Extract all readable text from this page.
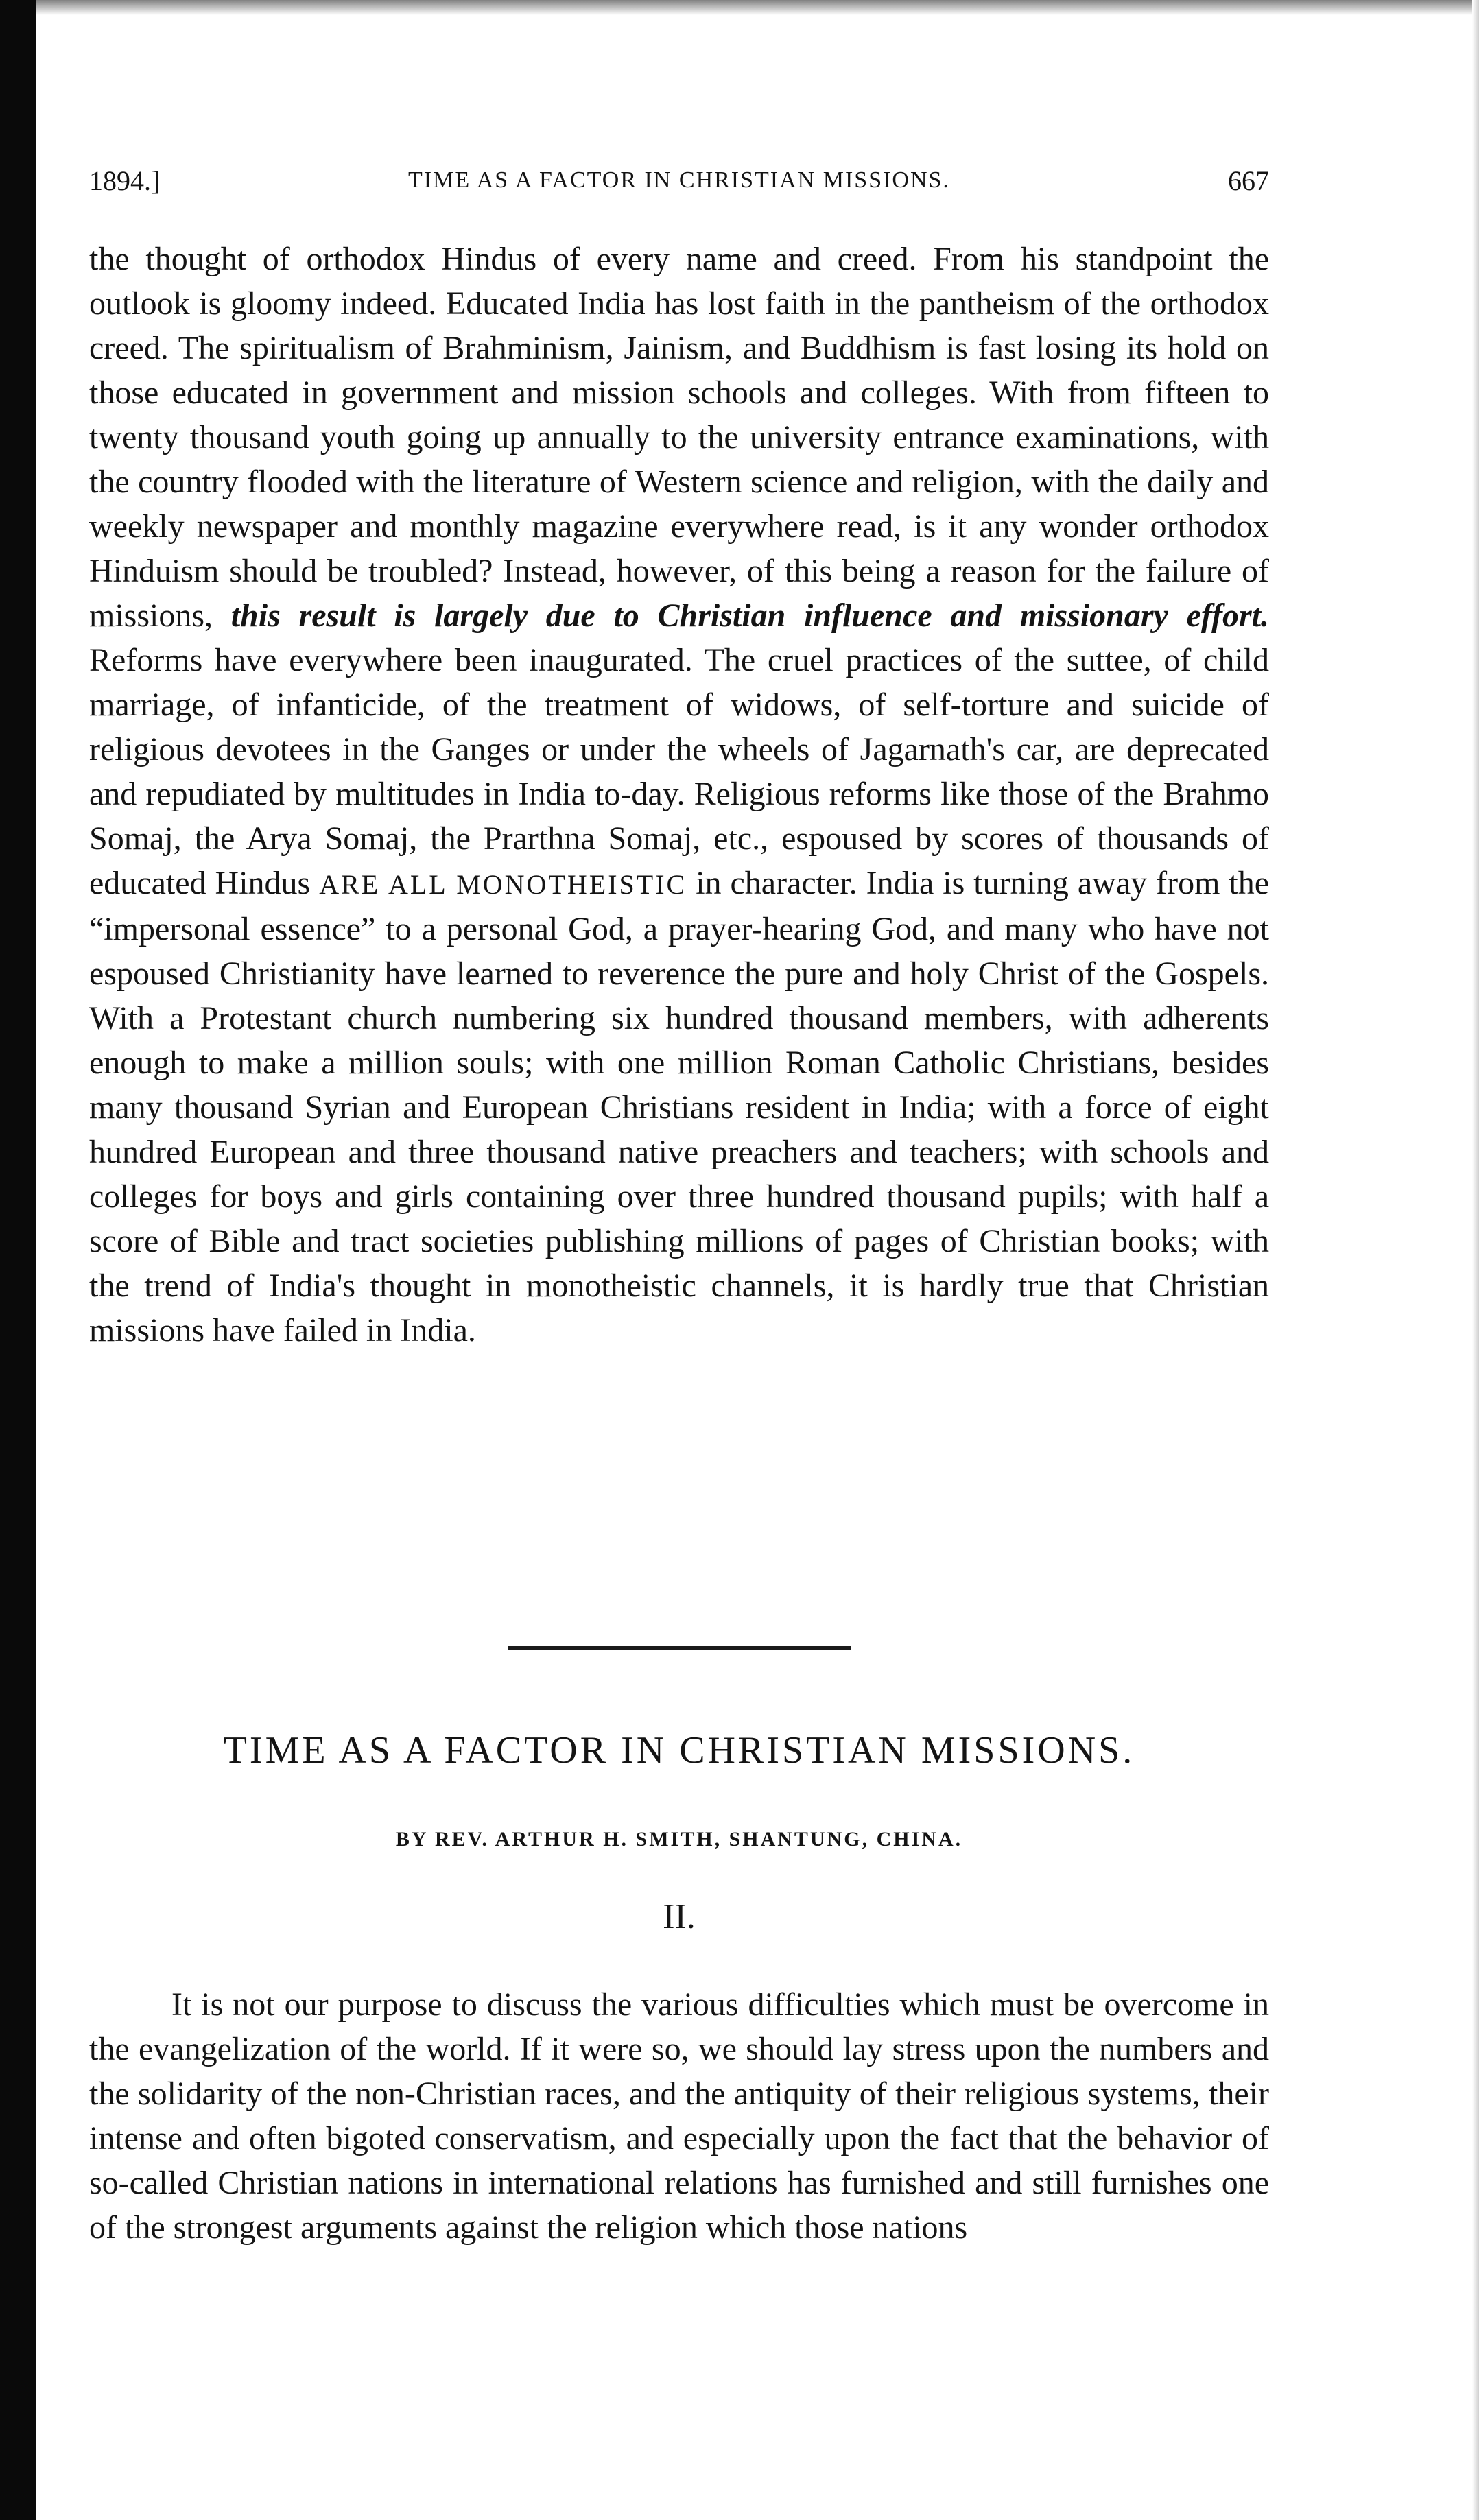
1894.]	TIME AS A FACTOR IN CHRISTIAN MISSIONS.	667

the thought of orthodox Hindus of every name and creed. From his standpoint the outlook is gloomy indeed. Educated India has lost faith in the pantheism of the orthodox creed. The spiritualism of Brahminism, Jainism, and Buddhism is fast losing its hold on those educated in government and mission schools and colleges. With from fifteen to twenty thousand youth going up annually to the university entrance examinations, with the country flooded with the literature of Western science and religion, with the daily and weekly newspaper and monthly magazine everywhere read, is it any wonder orthodox Hinduism should be troubled? Instead, however, of this being a reason for the failure of missions, this result is largely due to Christian influence and missionary effort. Reforms have everywhere been inaugurated. The cruel practices of the suttee, of child marriage, of infanticide, of the treatment of widows, of self-torture and suicide of religious devotees in the Ganges or under the wheels of Jagarnath's car, are deprecated and repudiated by multitudes in India to-day. Religious reforms like those of the Brahmo Somaj, the Arya Somaj, the Prarthna Somaj, etc., espoused by scores of thousands of educated Hindus ARE ALL MONOTHEISTIC in character. India is turning away from the “impersonal essence” to a personal God, a prayer-hearing God, and many who have not espoused Christianity have learned to reverence the pure and holy Christ of the Gospels. With a Protestant church numbering six hundred thousand members, with adherents enough to make a million souls; with one million Roman Catholic Christians, besides many thousand Syrian and European Christians resident in India; with a force of eight hundred European and three thousand native preachers and teachers; with schools and colleges for boys and girls containing over three hundred thousand pupils; with half a score of Bible and tract societies publishing millions of pages of Christian books; with the trend of India's thought in monotheistic channels, it is hardly true that Christian missions have failed in India.

TIME AS A FACTOR IN CHRISTIAN MISSIONS.
BY REV. ARTHUR H. SMITH, SHANTUNG, CHINA.
II.

It is not our purpose to discuss the various difficulties which must be overcome in the evangelization of the world. If it were so, we should lay stress upon the numbers and the solidarity of the non-Christian races, and the antiquity of their religious systems, their intense and often bigoted conservatism, and especially upon the fact that the behavior of so-called Christian nations in international relations has furnished and still furnishes one of the strongest arguments against the religion which those nations
